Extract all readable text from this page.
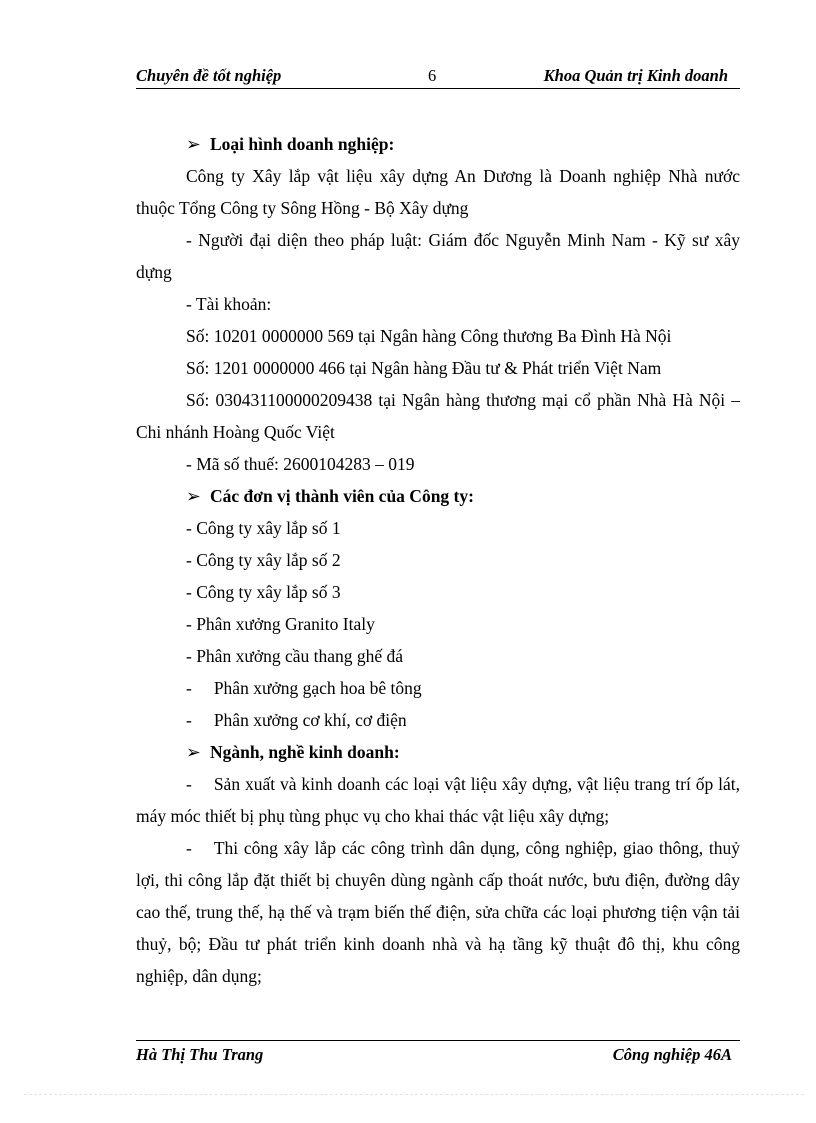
Chuyên đề tốt nghiệp	6	Khoa Quản trị Kinh doanh

➢ Loại hình doanh nghiệp:

Công ty Xây lắp vật liệu xây dựng An Dương là Doanh nghiệp Nhà nước thuộc Tổng Công ty Sông Hồng - Bộ Xây dựng

- Người đại diện theo pháp luật: Giám đốc Nguyễn Minh Nam - Kỹ sư xây dựng

- Tài khoản:

Số: 10201 0000000 569 tại Ngân hàng Công thương Ba Đình Hà Nội

Số: 1201 0000000 466 tại Ngân hàng Đầu tư & Phát triển Việt Nam

Số: 030431100000209438 tại Ngân hàng thương mại cổ phần Nhà Hà Nội – Chi nhánh Hoàng Quốc Việt

- Mã số thuế: 2600104283 – 019

➢ Các đơn vị thành viên của Công ty:

- Công ty xây lắp số 1

- Công ty xây lắp số 2

- Công ty xây lắp số 3

- Phân xưởng Granito Italy

- Phân xưởng cầu thang ghế đá

- Phân xưởng gạch hoa bê tông

- Phân xưởng cơ khí, cơ điện

➢ Ngành, nghề kinh doanh:

- Sản xuất và kinh doanh các loại vật liệu xây dựng, vật liệu trang trí ốp lát, máy móc thiết bị phụ tùng phục vụ cho khai thác vật liệu xây dựng;

- Thi công xây lắp các công trình dân dụng, công nghiệp, giao thông, thuỷ lợi, thi công lắp đặt thiết bị chuyên dùng ngành cấp thoát nước, bưu điện, đường dây cao thế, trung thế, hạ thế và trạm biến thế điện, sửa chữa các loại phương tiện vận tải thuỷ, bộ; Đầu tư phát triển kinh doanh nhà và hạ tầng kỹ thuật đô thị, khu công nghiệp, dân dụng;

Hà Thị Thu Trang	Công nghiệp 46A
